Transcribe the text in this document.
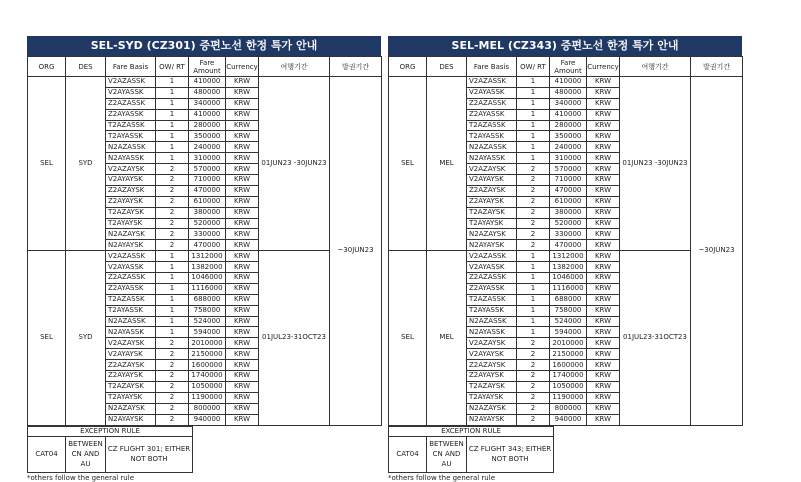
SEL-SYD (CZ301) 증편노선 한정 특가 안내
ORG	DES	Fare Basis	OW/ RT	Fare Amount	Currency	여행기간	발권기간
SEL	SYD	V2AZASSK	1	410000	KRW	01JUN23 -30JUN23	~30JUN23
		V2AYASSK	1	480000	KRW		
		Z2AZASSK	1	340000	KRW		
		Z2AYASSK	1	410000	KRW		
		T2AZASSK	1	280000	KRW		
		T2AYASSK	1	350000	KRW		
		N2AZASSK	1	240000	KRW		
		N2AYASSK	1	310000	KRW		
		V2AZAYSK	2	570000	KRW		
		V2AYAYSK	2	710000	KRW		
		Z2AZAYSK	2	470000	KRW		
		Z2AYAYSK	2	610000	KRW		
		T2AZAYSK	2	380000	KRW		
		T2AYAYSK	2	520000	KRW		
		N2AZAYSK	2	330000	KRW		
		N2AYAYSK	2	470000	KRW		
SEL	SYD	V2AZASSK	1	1312000	KRW	01JUL23-31OCT23	
		V2AYASSK	1	1382000	KRW		
		Z2AZASSK	1	1046000	KRW		
		Z2AYASSK	1	1116000	KRW		
		T2AZASSK	1	688000	KRW		
		T2AYASSK	1	758000	KRW		
		N2AZASSK	1	524000	KRW		
		N2AYASSK	1	594000	KRW		
		V2AZAYSK	2	2010000	KRW		
		V2AYAYSK	2	2150000	KRW		
		Z2AZAYSK	2	1600000	KRW		
		Z2AYAYSK	2	1740000	KRW		
		T2AZAYSK	2	1050000	KRW		
		T2AYAYSK	2	1190000	KRW		
		N2AZAYSK	2	800000	KRW		
		N2AYAYSK	2	940000	KRW		
EXCEPTION RULE
CAT04	BETWEEN CN AND AU	CZ FLIGHT 301; EITHER NOT BOTH
*others follow the general rule
SEL-MEL (CZ343) 증편노선 한정 특가 안내
ORG	DES	Fare Basis	OW/ RT	Fare Amount	Currency	여행기간	발권기간
SEL	MEL	V2AZASSK	1	410000	KRW	01JUN23 -30JUN23	~30JUN23
		V2AYASSK	1	480000	KRW		
		Z2AZASSK	1	340000	KRW		
		Z2AYASSK	1	410000	KRW		
		T2AZASSK	1	280000	KRW		
		T2AYASSK	1	350000	KRW		
		N2AZASSK	1	240000	KRW		
		N2AYASSK	1	310000	KRW		
		V2AZAYSK	2	570000	KRW		
		V2AYAYSK	2	710000	KRW		
		Z2AZAYSK	2	470000	KRW		
		Z2AYAYSK	2	610000	KRW		
		T2AZAYSK	2	380000	KRW		
		T2AYAYSK	2	520000	KRW		
		N2AZAYSK	2	330000	KRW		
		N2AYAYSK	2	470000	KRW		
SEL	MEL	V2AZASSK	1	1312000	KRW	01JUL23-31OCT23	
		V2AYASSK	1	1382000	KRW		
		Z2AZASSK	1	1046000	KRW		
		Z2AYASSK	1	1116000	KRW		
		T2AZASSK	1	688000	KRW		
		T2AYASSK	1	758000	KRW		
		N2AZASSK	1	524000	KRW		
		N2AYASSK	1	594000	KRW		
		V2AZAYSK	2	2010000	KRW		
		V2AYAYSK	2	2150000	KRW		
		Z2AZAYSK	2	1600000	KRW		
		Z2AYAYSK	2	1740000	KRW		
		T2AZAYSK	2	1050000	KRW		
		T2AYAYSK	2	1190000	KRW		
		N2AZAYSK	2	800000	KRW		
		N2AYAYSK	2	940000	KRW		
EXCEPTION RULE
CAT04	BETWEEN CN AND AU	CZ FLIGHT 343; EITHER NOT BOTH
*others follow the general rule
